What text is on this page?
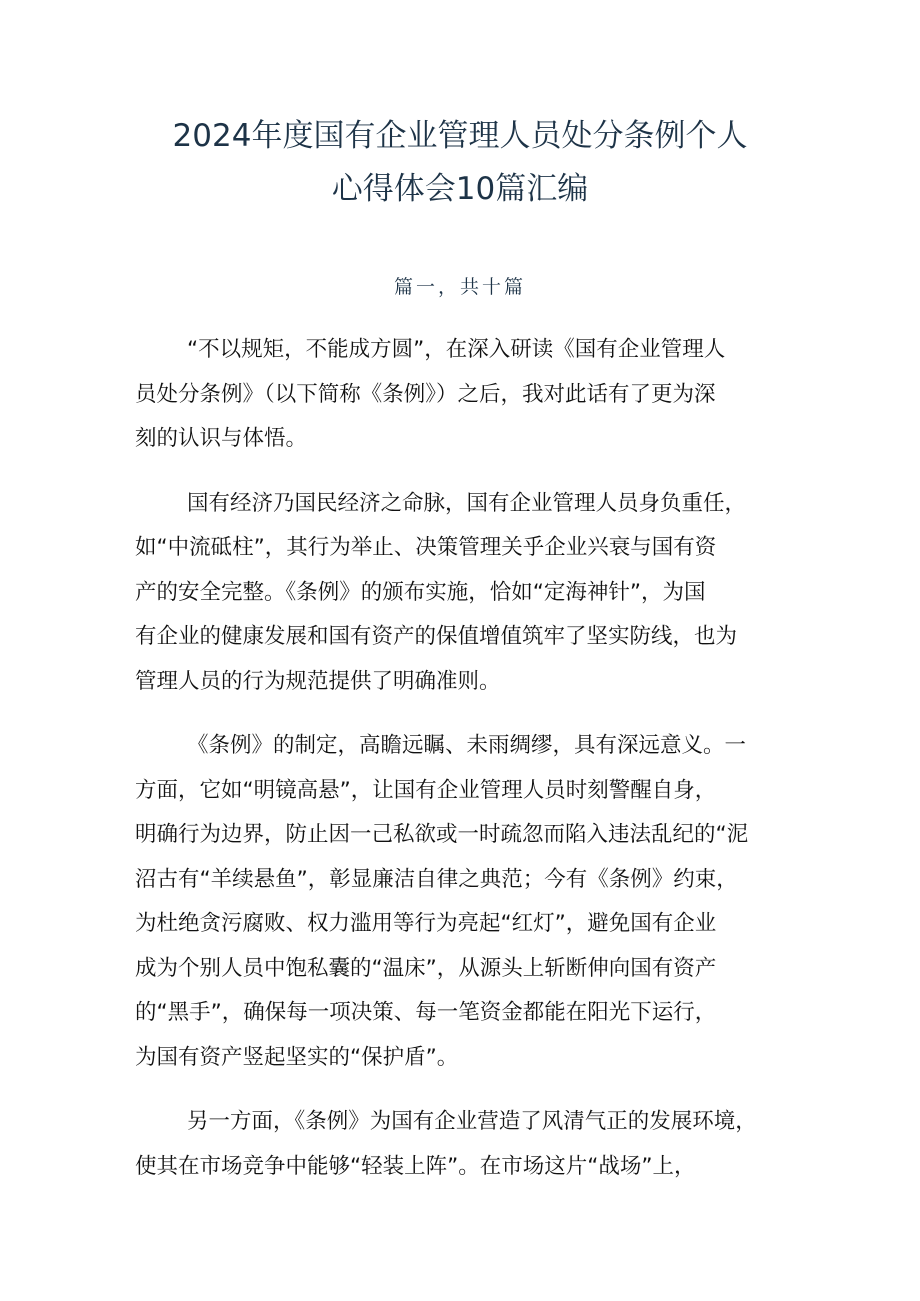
2024年度国有企业管理人员处分条例个人
心得体会10篇汇编
篇一，共十篇

“不以规矩，不能成方圆”，在深入研读《国有企业管理人
员处分条例》（以下简称《条例》）之后，我对此话有了更为深
刻的认识与体悟。

国有经济乃国民经济之命脉，国有企业管理人员身负重任，
如“中流砥柱”，其行为举止、决策管理关乎企业兴衰与国有资
产的安全完整。《条例》的颁布实施，恰如“定海神针”，为国
有企业的健康发展和国有资产的保值增值筑牢了坚实防线，也为
管理人员的行为规范提供了明确准则。

《条例》的制定，高瞻远瞩、未雨绸缪，具有深远意义。一
方面，它如“明镜高悬”，让国有企业管理人员时刻警醒自身，
明确行为边界，防止因一己私欲或一时疏忽而陷入违法乱纪的“泥
沼古有“羊续悬鱼”，彰显廉洁自律之典范；今有《条例》约束，
为杜绝贪污腐败、权力滥用等行为亮起“红灯”，避免国有企业
成为个别人员中饱私囊的“温床”，从源头上斩断伸向国有资产
的“黑手”，确保每一项决策、每一笔资金都能在阳光下运行，
为国有资产竖起坚实的“保护盾”。

另一方面，《条例》为国有企业营造了风清气正的发展环境，
使其在市场竞争中能够“轻装上阵”。在市场这片“战场”上，
